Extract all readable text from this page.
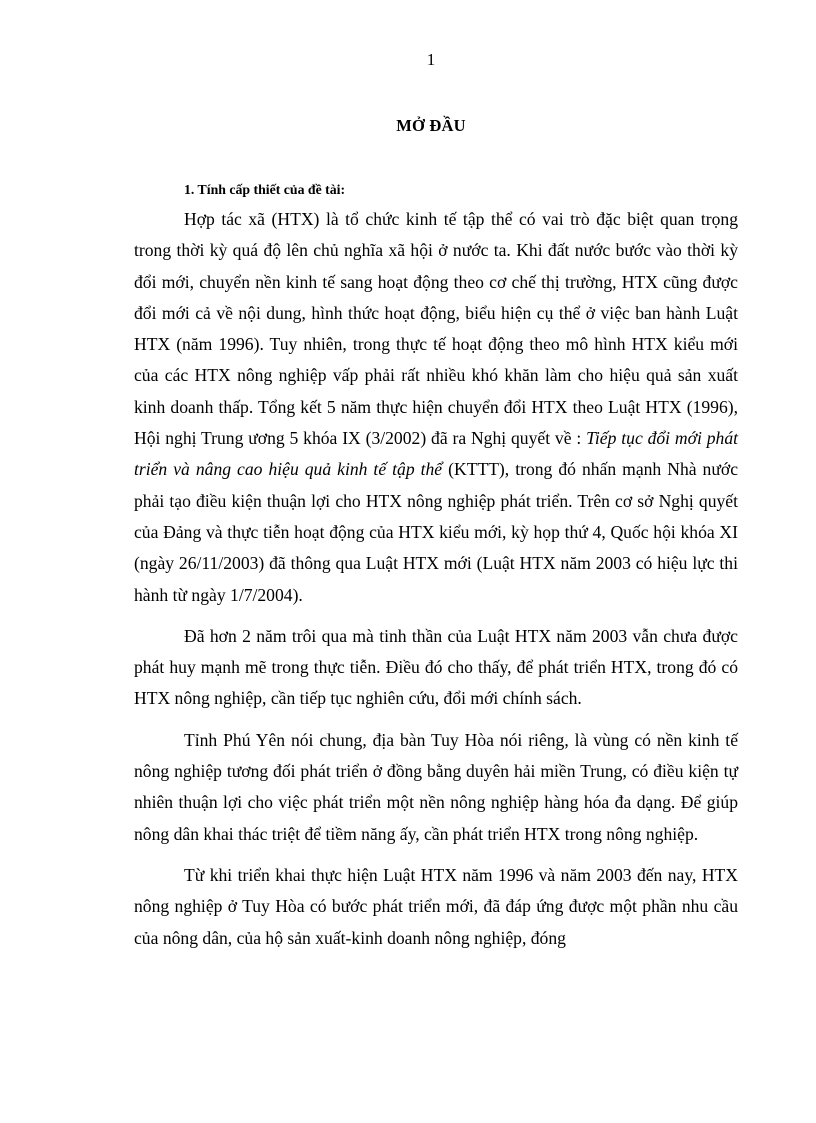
1
MỞ ĐẦU

1. Tính cấp thiết của đề tài:

Hợp tác xã (HTX) là tổ chức kinh tế tập thể có vai trò đặc biệt quan trọng trong thời kỳ quá độ lên chủ nghĩa xã hội ở nước ta. Khi đất nước bước vào thời kỳ đổi mới, chuyển nền kinh tế sang hoạt động theo cơ chế thị trường, HTX cũng được đổi mới cả về nội dung, hình thức hoạt động, biểu hiện cụ thể ở việc ban hành Luật HTX (năm 1996). Tuy nhiên, trong thực tế hoạt động theo mô hình HTX kiểu mới của các HTX nông nghiệp vấp phải rất nhiều khó khăn làm cho hiệu quả sản xuất kinh doanh thấp. Tổng kết 5 năm thực hiện chuyển đổi HTX theo Luật HTX (1996), Hội nghị Trung ương 5 khóa IX (3/2002) đã ra Nghị quyết về : Tiếp tục đổi mới phát triển và nâng cao hiệu quả kinh tế tập thể (KTTT), trong đó nhấn mạnh Nhà nước phải tạo điều kiện thuận lợi cho HTX nông nghiệp phát triển. Trên cơ sở Nghị quyết của Đảng và thực tiễn hoạt động của HTX kiểu mới, kỳ họp thứ 4, Quốc hội khóa XI (ngày 26/11/2003) đã thông qua Luật HTX mới (Luật HTX năm 2003 có hiệu lực thi hành từ ngày 1/7/2004).

Đã hơn 2 năm trôi qua mà tinh thần của Luật HTX năm 2003 vẫn chưa được phát huy mạnh mẽ trong thực tiễn. Điều đó cho thấy, để phát triển HTX, trong đó có HTX nông nghiệp, cần tiếp tục nghiên cứu, đổi mới chính sách.

Tỉnh Phú Yên nói chung, địa bàn Tuy Hòa nói riêng, là vùng có nền kinh tế nông nghiệp tương đối phát triển ở đồng bằng duyên hải miền Trung, có điều kiện tự nhiên thuận lợi cho việc phát triển một nền nông nghiệp hàng hóa đa dạng. Để giúp nông dân khai thác triệt để tiềm năng ấy, cần phát triển HTX trong nông nghiệp.

Từ khi triển khai thực hiện Luật HTX năm 1996 và năm 2003 đến nay, HTX nông nghiệp ở Tuy Hòa có bước phát triển mới, đã đáp ứng được một phần nhu cầu của nông dân, của hộ sản xuất-kinh doanh nông nghiệp, đóng
